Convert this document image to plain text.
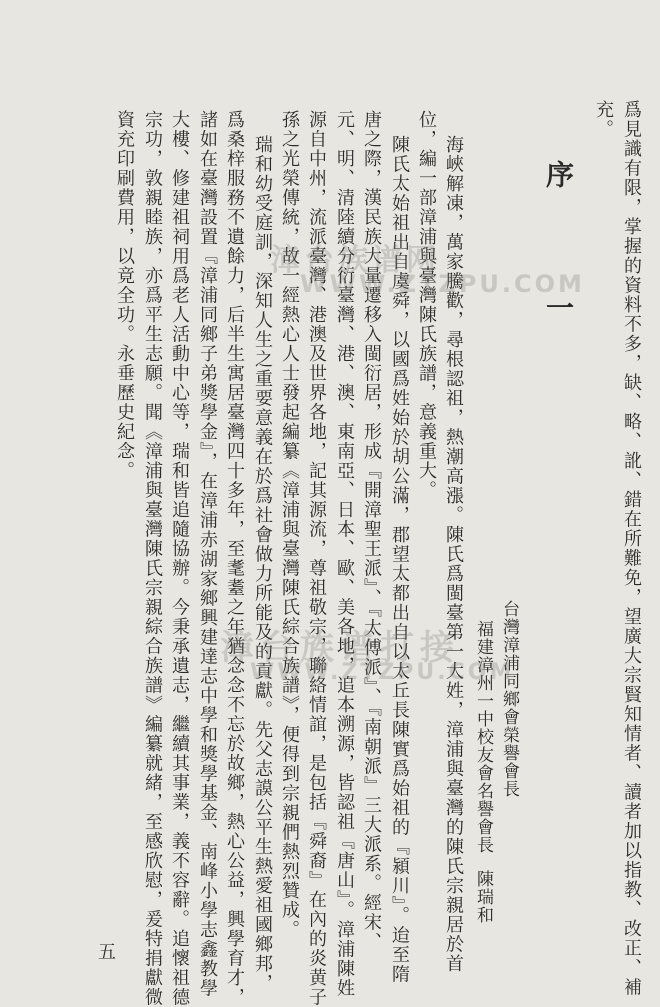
爲見識有限，掌握的資料不多，缺、略、訛、錯在所難免，望廣大宗賢知情者、讀者加以指教、改正、補
充。
序 一
台灣漳浦同鄉會榮譽會長
福建漳州一中校友會名譽會長
陳瑞和
海峽解凍，萬家騰歡，尋根認祖，熱潮高漲。陳氏爲閩臺第一大姓，漳浦與臺灣的陳氏宗親居於首
位，編一部漳浦與臺灣陳氏族譜，意義重大。
陳氏太始祖出自虞舜，以國爲姓始於胡公滿，郡望太都出自以太丘長陳實爲始祖的『潁川』。迨至隋
唐之際，漢民族大量遷移入閩衍居，形成『開漳聖王派』、『太傅派』、『南朝派』三大派系。經宋、
元、明、清陸續分衍臺灣、港、澳、東南亞、日本、歐、美各地，追本溯源，皆認祖『唐山』。漳浦陳姓
源自中州，流派臺灣、港澳及世界各地，記其源流，尊祖敬宗，聯絡情誼，是包括『舜裔』在內的炎黄子
孫之光榮傳統，故一經熱心人士發起編纂《漳浦與臺灣陳氏綜合族譜》，便得到宗親們熱烈贊成。
瑞和幼受庭訓，深知人生之重要意義在於爲社會做力所能及的貢獻。先父志謨公平生熱愛祖國鄉邦，
爲桑梓服務不遺餘力，后半生寓居臺灣四十多年，至耄耋之年猶念念不忘於故鄉，熱心公益，興學育才，
諸如在臺灣設置『漳浦同鄉子弟獎學金』，在漳浦赤湖家鄉興建達志中學和獎學基金、南峰小學志鑫教學
大樓、修建祖祠用爲老人活動中心等，瑞和皆追隨協辦。今秉承遺志，繼續其事業，義不容辭。追懷祖德
宗功，敦親睦族，亦爲平生志願。聞《漳浦與臺灣陳氏宗親綜合族譜》編纂就緒，至感欣慰，爰特捐獻微
資充印刷費用，以竟全功。永垂歷史紀念。
五
漳台族谱网
WWW.ZTZPU.COM
漳台族谱打接
WWW.ZTZPU.COM
